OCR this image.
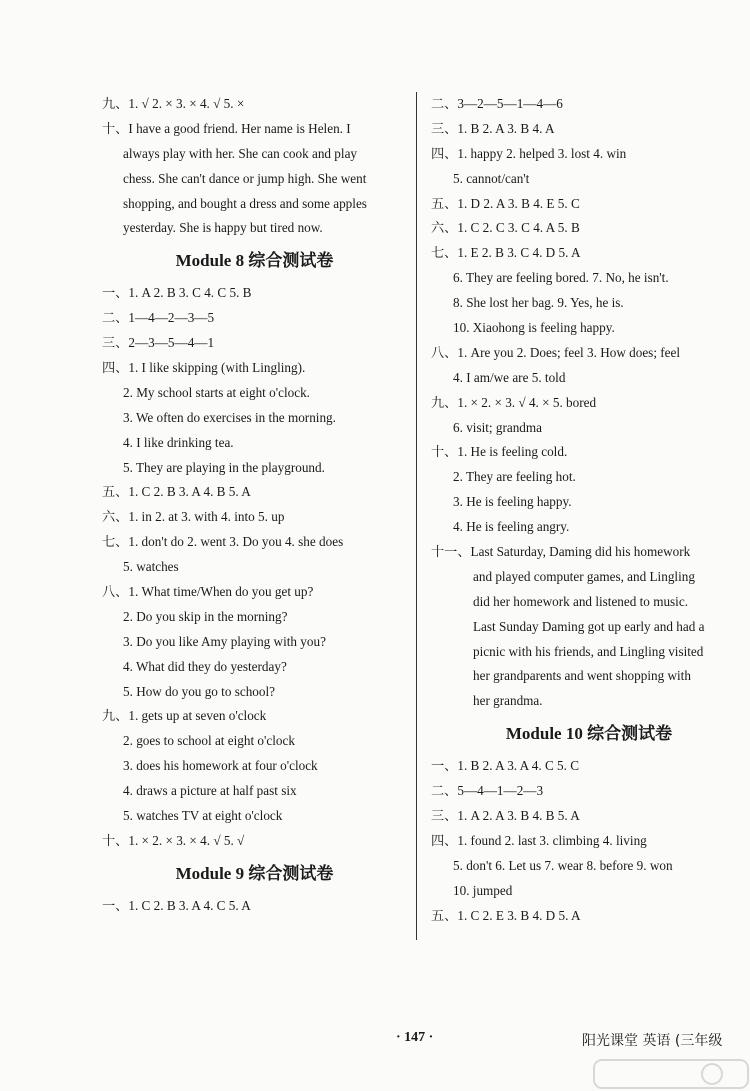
九、1. √ 2. × 3. × 4. √ 5. ×
十、I have a good friend. Her name is Helen. I
always play with her. She can cook and play
chess. She can't dance or jump high. She went
shopping, and bought a dress and some apples
yesterday. She is happy but tired now.
Module 8 综合测试卷
一、1. A 2. B 3. C 4. C 5. B
二、1—4—2—3—5
三、2—3—5—4—1
四、1. I like skipping (with Lingling).
2. My school starts at eight o'clock.
3. We often do exercises in the morning.
4. I like drinking tea.
5. They are playing in the playground.
五、1. C 2. B 3. A 4. B 5. A
六、1. in 2. at 3. with 4. into 5. up
七、1. don't do 2. went 3. Do you 4. she does
5. watches
八、1. What time/When do you get up?
2. Do you skip in the morning?
3. Do you like Amy playing with you?
4. What did they do yesterday?
5. How do you go to school?
九、1. gets up at seven o'clock
2. goes to school at eight o'clock
3. does his homework at four o'clock
4. draws a picture at half past six
5. watches TV at eight o'clock
十、1. × 2. × 3. × 4. √ 5. √
Module 9 综合测试卷
一、1. C 2. B 3. A 4. C 5. A
二、3—2—5—1—4—6
三、1. B 2. A 3. B 4. A
四、1. happy 2. helped 3. lost 4. win
5. cannot/can't
五、1. D 2. A 3. B 4. E 5. C
六、1. C 2. C 3. C 4. A 5. B
七、1. E 2. B 3. C 4. D 5. A
6. They are feeling bored. 7. No, he isn't.
8. She lost her bag. 9. Yes, he is.
10. Xiaohong is feeling happy.
八、1. Are you 2. Does; feel 3. How does; feel
4. I am/we are 5. told
九、1. × 2. × 3. √ 4. × 5. bored
6. visit; grandma
十、1. He is feeling cold.
2. They are feeling hot.
3. He is feeling happy.
4. He is feeling angry.
十一、Last Saturday, Daming did his homework
and played computer games, and Lingling
did her homework and listened to music.
Last Sunday Daming got up early and had a
picnic with his friends, and Lingling visited
her grandparents and went shopping with
her grandma.
Module 10 综合测试卷
一、1. B 2. A 3. A 4. C 5. C
二、5—4—1—2—3
三、1. A 2. A 3. B 4. B 5. A
四、1. found 2. last 3. climbing 4. living
5. don't 6. Let us 7. wear 8. before 9. won
10. jumped
五、1. C 2. E 3. B 4. D 5. A
· 147 ·	阳光课堂 英语 (三年级
